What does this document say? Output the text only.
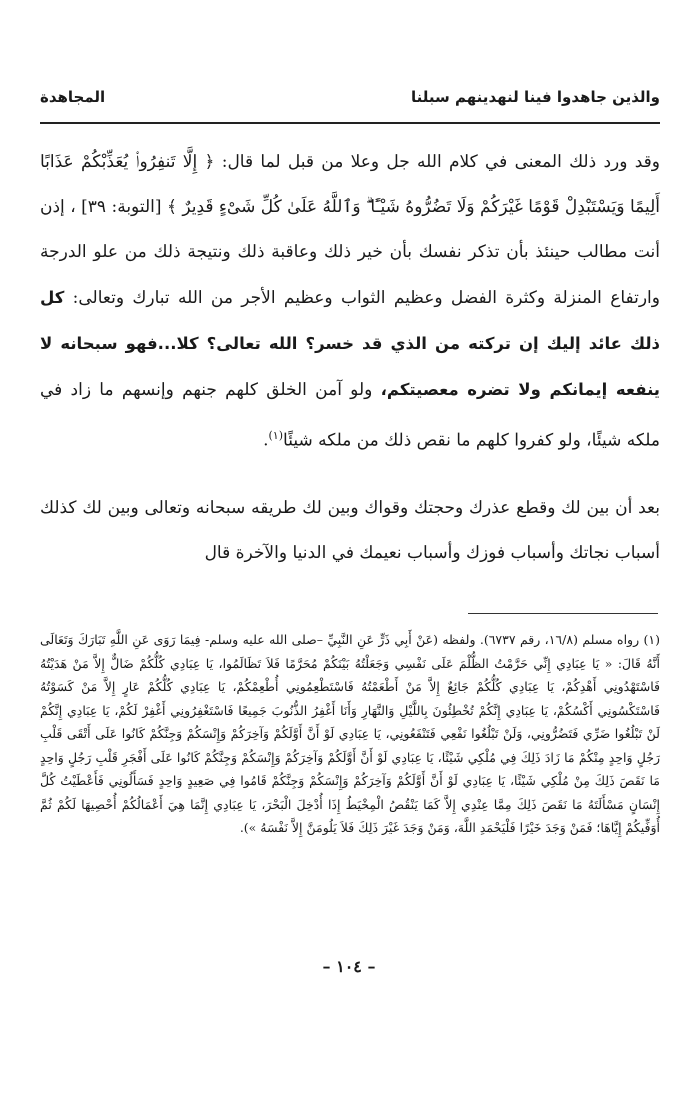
والذين جاهدوا فينا لنهدينهم سبلنا
المجاهدة

وقد ورد ذلك المعنى في كلام الله جل وعلا من قبل لما قال: ﴿ إِلَّا تَنفِرُوا۟ يُعَذِّبْكُمْ عَذَابًا أَلِيمًا وَيَسْتَبْدِلْ قَوْمًا غَيْرَكُمْ وَلَا تَضُرُّوهُ شَيْـًٔا ۗ وَٱللَّهُ عَلَىٰ كُلِّ شَىْءٍ قَدِيرٌ ﴾ [التوبة: ٣٩] ، إذن أنت مطالب حينئذ بأن تذكر نفسك بأن خير ذلك وعاقبة ذلك ونتيجة ذلك من علو الدرجة وارتفاع المنزلة وكثرة الفضل وعظيم الثواب وعظيم الأجر من الله تبارك وتعالى: كل ذلك عائد إليك إن تركته من الذي قد خسر؟ الله تعالى؟ كلا...فهو سبحانه لا ينفعه إيمانكم ولا تضره معصيتكم، ولو آمن الخلق كلهم جنهم وإنسهم ما زاد في ملكه شيئًا، ولو كفروا كلهم ما نقص ذلك من ملكه شيئًا$^{(١)}$.

بعد أن بين لك وقطع عذرك وحجتك وقواك وبين لك طريقه سبحانه وتعالى وبين لك كذلك أسباب نجاتك وأسباب فوزك وأسباب نعيمك في الدنيا والآخرة قال

(١) رواه مسلم (١٦/٨، رقم ٦٧٣٧). ولفظه (عَنْ أَبِي ذَرٍّ عَنِ النَّبِيِّ –صلى الله عليه وسلم- فِيمَا رَوَى عَنِ اللَّهِ تَبَارَكَ وَتَعَالَى أَنَّهُ قَالَ: « يَا عِبَادِي إِنِّي حَرَّمْتُ الظُّلْمَ عَلَى نَفْسِي وَجَعَلْتُهُ بَيْنَكُمْ مُحَرَّمًا فَلاَ تَظَالَمُوا، يَا عِبَادِي كُلُّكُمْ ضَالٌّ إِلاَّ مَنْ هَدَيْتُهُ فَاسْتَهْدُونِي أَهْدِكُمْ، يَا عِبَادِي كُلُّكُمْ جَائِعٌ إِلاَّ مَنْ أَطْعَمْتُهُ فَاسْتَطْعِمُونِي أُطْعِمْكُمْ، يَا عِبَادِي كُلُّكُمْ عَارٍ إِلاَّ مَنْ كَسَوْتُهُ فَاسْتَكْسُونِي أَكْسُكُمْ، يَا عِبَادِي إِنَّكُمْ تُخْطِئُونَ بِاللَّيْلِ وَالنَّهَارِ وَأَنَا أَغْفِرُ الذُّنُوبَ جَمِيعًا فَاسْتَغْفِرُونِي أَغْفِرْ لَكُمْ، يَا عِبَادِي إِنَّكُمْ لَنْ تَبْلُغُوا ضَرِّي فَتَضُرُّونِي، وَلَنْ تَبْلُغُوا نَفْعِي فَتَنْفَعُونِي، يَا عِبَادِي لَوْ أَنَّ أَوَّلَكُمْ وَآخِرَكُمْ وَإِنْسَكُمْ وَجِنَّكُمْ كَانُوا عَلَى أَتْقَى قَلْبِ رَجُلٍ وَاحِدٍ مِنْكُمْ مَا زَادَ ذَلِكَ فِي مُلْكِي شَيْئًا، يَا عِبَادِي لَوْ أَنَّ أَوَّلَكُمْ وَآخِرَكُمْ وَإِنْسَكُمْ وَجِنَّكُمْ كَانُوا عَلَى أَفْجَرِ قَلْبِ رَجُلٍ وَاحِدٍ مَا نَقَصَ ذَلِكَ مِنْ مُلْكِي شَيْئًا، يَا عِبَادِي لَوْ أَنَّ أَوَّلَكُمْ وَآخِرَكُمْ وَإِنْسَكُمْ وَجِنَّكُمْ قَامُوا فِي صَعِيدٍ وَاحِدٍ فَسَأَلُونِي فَأَعْطَيْتُ كُلَّ إِنْسَانٍ مَسْأَلَتَهُ مَا نَقَصَ ذَلِكَ مِمَّا عِنْدِي إِلاَّ كَمَا يَنْقُصُ الْمِخْيَطُ إِذَا أُدْخِلَ الْبَحْرَ، يَا عِبَادِي إِنَّمَا هِيَ أَعْمَالُكُمْ أُحْصِيهَا لَكُمْ ثُمَّ أُوَفِّيكُمْ إِيَّاهَا؛ فَمَنْ وَجَدَ خَيْرًا فَلْيَحْمَدِ اللَّهَ، وَمَنْ وَجَدَ غَيْرَ ذَلِكَ فَلاَ يَلُومَنَّ إِلاَّ نَفْسَهُ »).
– ١٠٤ –
